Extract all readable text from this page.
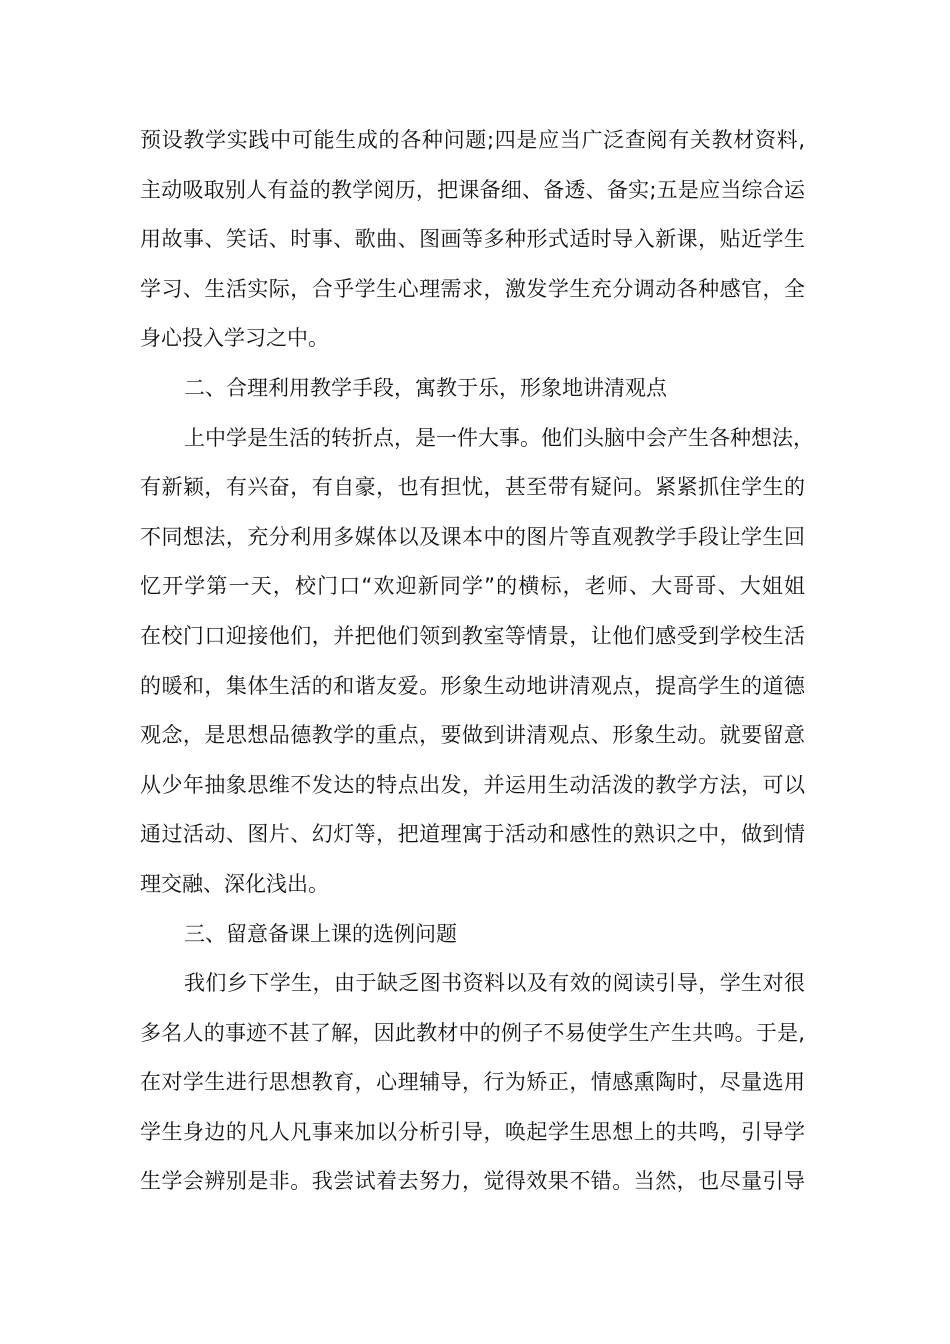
预设教学实践中可能生成的各种问题;四是应当广泛查阅有关教材资料,
主动吸取别人有益的教学阅历，把课备细、备透、备实;五是应当综合运
用故事、笑话、时事、歌曲、图画等多种形式适时导入新课，贴近学生
学习、生活实际，合乎学生心理需求，激发学生充分调动各种感官，全
身心投入学习之中。
二、合理利用教学手段，寓教于乐，形象地讲清观点
上中学是生活的转折点，是一件大事。他们头脑中会产生各种想法，
有新颖，有兴奋，有自豪，也有担忧，甚至带有疑问。紧紧抓住学生的
不同想法，充分利用多媒体以及课本中的图片等直观教学手段让学生回
忆开学第一天，校门口“欢迎新同学”的横标，老师、大哥哥、大姐姐
在校门口迎接他们，并把他们领到教室等情景，让他们感受到学校生活
的暖和，集体生活的和谐友爱。形象生动地讲清观点，提高学生的道德
观念，是思想品德教学的重点，要做到讲清观点、形象生动。就要留意
从少年抽象思维不发达的特点出发，并运用生动活泼的教学方法，可以
通过活动、图片、幻灯等，把道理寓于活动和感性的熟识之中，做到情
理交融、深化浅出。
三、留意备课上课的选例问题
我们乡下学生，由于缺乏图书资料以及有效的阅读引导，学生对很
多名人的事迹不甚了解，因此教材中的例子不易使学生产生共鸣。于是,
在对学生进行思想教育，心理辅导，行为矫正，情感熏陶时，尽量选用
学生身边的凡人凡事来加以分析引导，唤起学生思想上的共鸣，引导学
生学会辨别是非。我尝试着去努力，觉得效果不错。当然，也尽量引导
